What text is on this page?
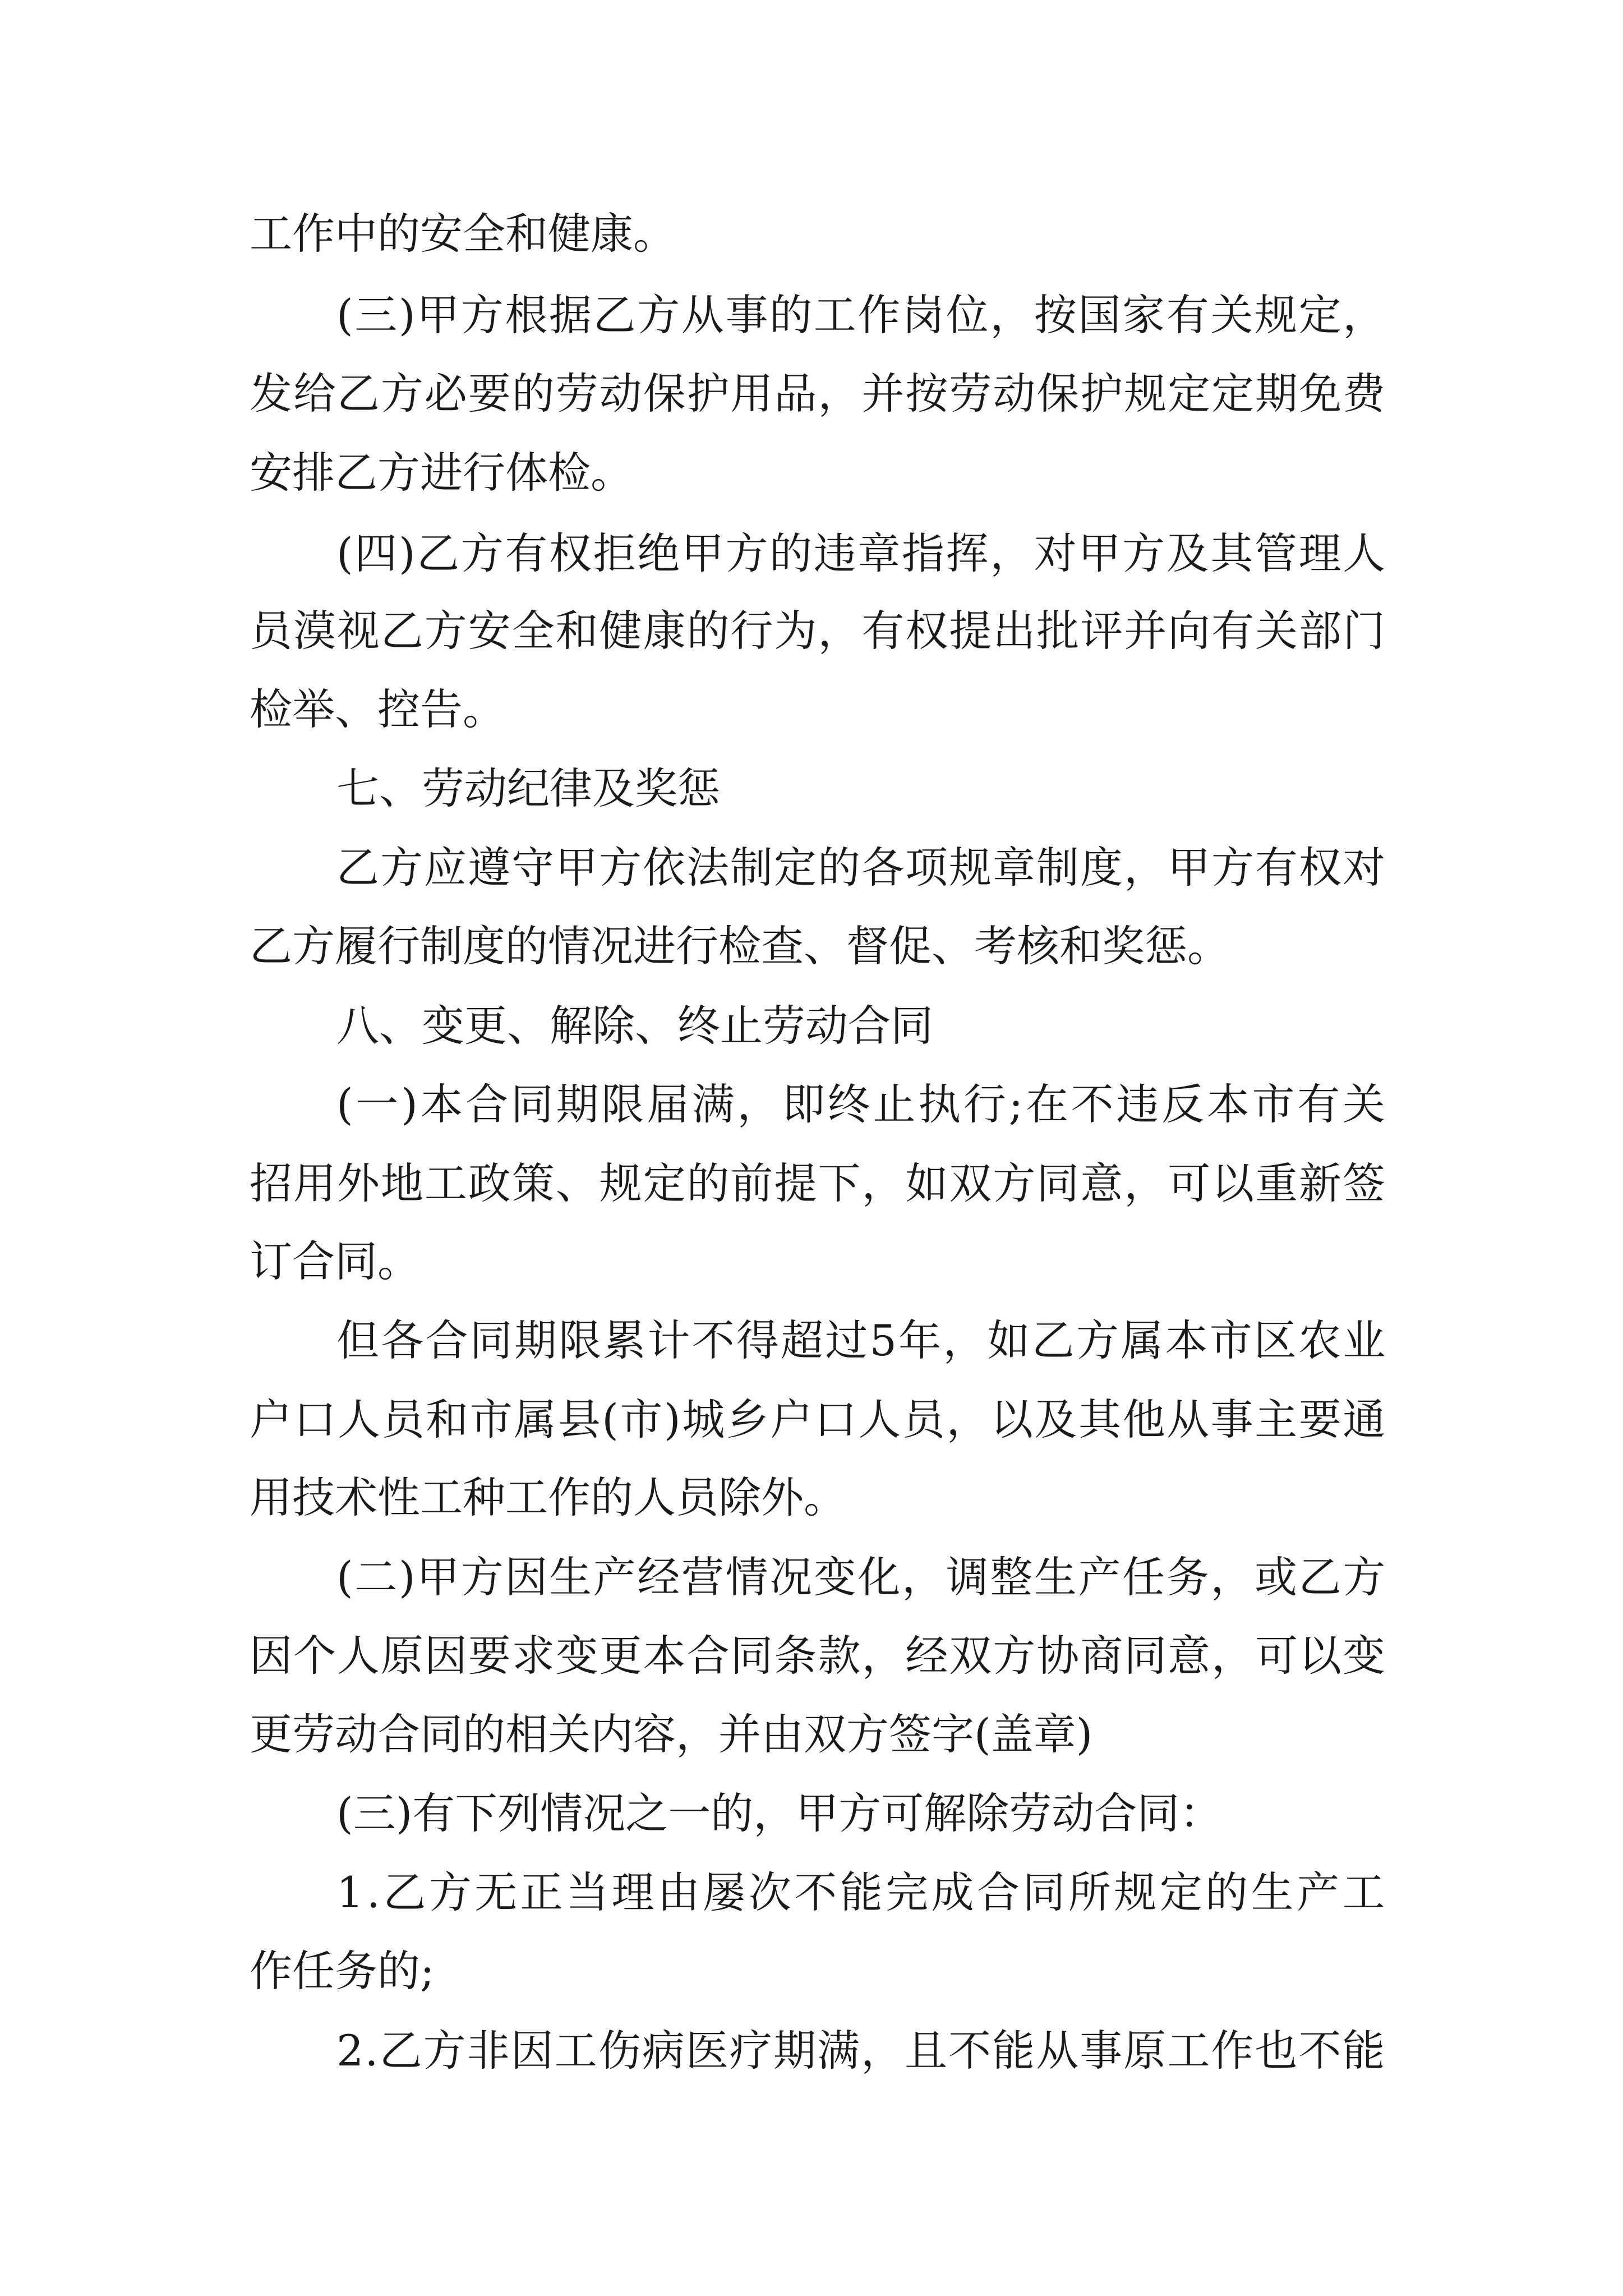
工作中的安全和健康。
(三)甲方根据乙方从事的工作岗位，按国家有关规定，
发给乙方必要的劳动保护用品，并按劳动保护规定定期免费
安排乙方进行体检。
(四)乙方有权拒绝甲方的违章指挥，对甲方及其管理人
员漠视乙方安全和健康的行为，有权提出批评并向有关部门
检举、控告。
七、劳动纪律及奖惩
乙方应遵守甲方依法制定的各项规章制度，甲方有权对
乙方履行制度的情况进行检查、督促、考核和奖惩。
八、变更、解除、终止劳动合同
(一)本合同期限届满，即终止执行;在不违反本市有关
招用外地工政策、规定的前提下，如双方同意，可以重新签
订合同。
但各合同期限累计不得超过5年，如乙方属本市区农业
户口人员和市属县(市)城乡户口人员，以及其他从事主要通
用技术性工种工作的人员除外。
(二)甲方因生产经营情况变化，调整生产任务，或乙方
因个人原因要求变更本合同条款，经双方协商同意，可以变
更劳动合同的相关内容，并由双方签字(盖章)
(三)有下列情况之一的，甲方可解除劳动合同：
1.乙方无正当理由屡次不能完成合同所规定的生产工
作任务的;
2.乙方非因工伤病医疗期满，且不能从事原工作也不能
